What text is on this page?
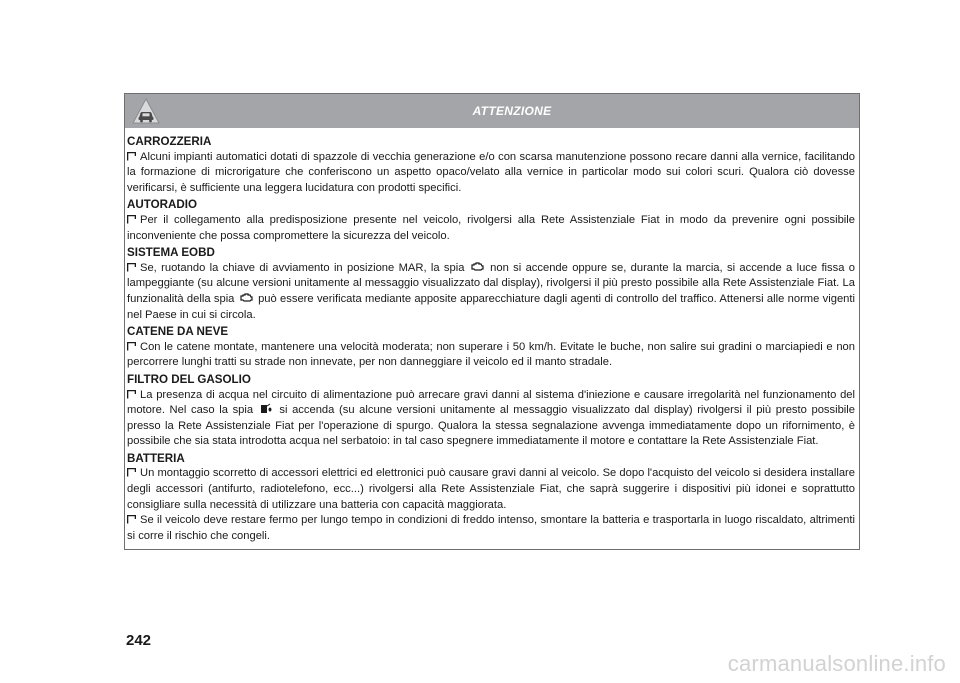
ATTENZIONE
CARROZZERIA

Alcuni impianti automatici dotati di spazzole di vecchia generazione e/o con scarsa manutenzione possono recare danni alla vernice, facilitando la formazione di microrigature che conferiscono un aspetto opaco/velato alla vernice in particolar modo sui colori scuri. Qualora ciò dovesse verificarsi, è sufficiente una leggera lucidatura con prodotti specifici.

AUTORADIO

Per il collegamento alla predisposizione presente nel veicolo, rivolgersi alla Rete Assistenziale Fiat in modo da prevenire ogni possibile inconveniente che possa compromettere la sicurezza del veicolo.

SISTEMA EOBD

Se, ruotando la chiave di avviamento in posizione MAR, la spia non si accende oppure se, durante la marcia, si accende a luce fissa o lampeggiante (su alcune versioni unitamente al messaggio visualizzato dal display), rivolgersi il più presto possibile alla Rete Assistenziale Fiat. La funzionalità della spia può essere verificata mediante apposite apparecchiature dagli agenti di controllo del traffico. Attenersi alle norme vigenti nel Paese in cui si circola.

CATENE DA NEVE

Con le catene montate, mantenere una velocità moderata; non superare i 50 km/h. Evitate le buche, non salire sui gradini o marciapiedi e non percorrere lunghi tratti su strade non innevate, per non danneggiare il veicolo ed il manto stradale.

FILTRO DEL GASOLIO

La presenza di acqua nel circuito di alimentazione può arrecare gravi danni al sistema d'iniezione e causare irregolarità nel funzionamento del motore. Nel caso la spia si accenda (su alcune versioni unitamente al messaggio visualizzato dal display) rivolgersi il più presto possibile presso la Rete Assistenziale Fiat per l'operazione di spurgo. Qualora la stessa segnalazione avvenga immediatamente dopo un rifornimento, è possibile che sia stata introdotta acqua nel serbatoio: in tal caso spegnere immediatamente il motore e contattare la Rete Assistenziale Fiat.

BATTERIA

Un montaggio scorretto di accessori elettrici ed elettronici può causare gravi danni al veicolo. Se dopo l'acquisto del veicolo si desidera installare degli accessori (antifurto, radiotelefono, ecc...) rivolgersi alla Rete Assistenziale Fiat, che saprà suggerire i dispositivi più idonei e soprattutto consigliare sulla necessità di utilizzare una batteria con capacità maggiorata.

Se il veicolo deve restare fermo per lungo tempo in condizioni di freddo intenso, smontare la batteria e trasportarla in luogo riscaldato, altrimenti si corre il rischio che congeli.

242
carmanualsonline.info
